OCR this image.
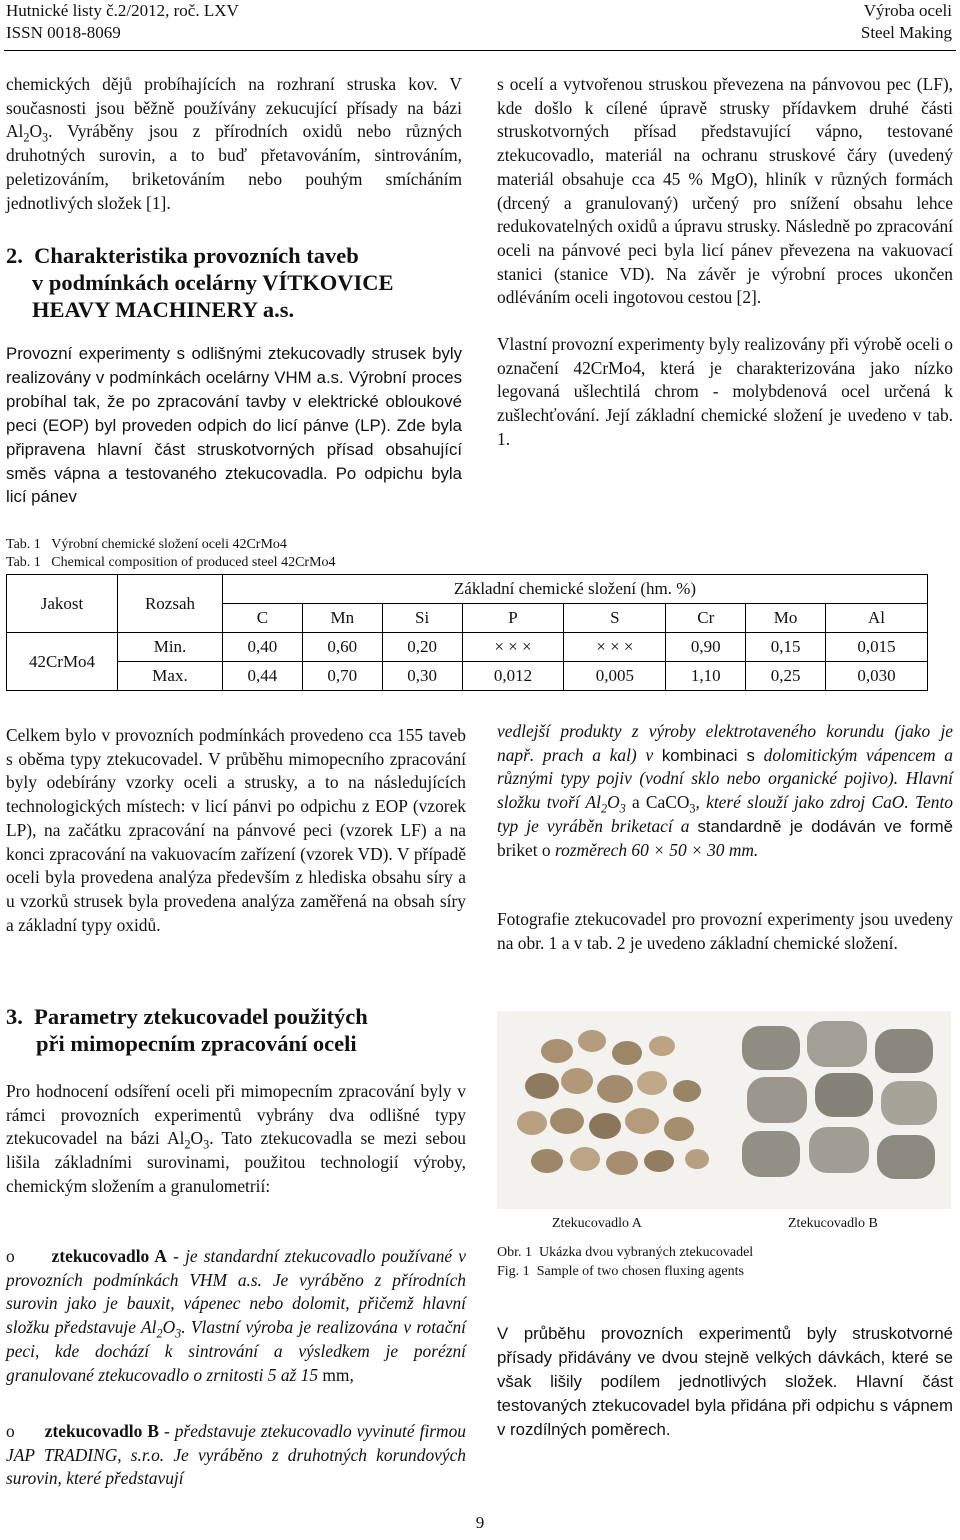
Hutnické listy č.2/2012, roč. LXV
ISSN 0018-8069
Výroba oceli
Steel Making

chemických dějů probíhajících na rozhraní struska kov. V současnosti jsou běžně používány zekucující přísady na bázi $Al_2O_3$. Vyráběny jsou z přírodních oxidů nebo různých druhotných surovin, a to buď přetavováním, sintrováním, peletizováním, briketováním nebo pouhým smícháním jednotlivých složek [1].

2. Charakteristika provozních taveb
v podmínkách ocelárny VÍTKOVICE
HEAVY MACHINERY a.s.

Provozní experimenty s odlišnými ztekucovadly strusek byly realizovány v podmínkách ocelárny VHM a.s. Výrobní proces probíhal tak, že po zpracování tavby v elektrické obloukové peci (EOP) byl proveden odpich do licí pánve (LP). Zde byla připravena hlavní část struskotvorných přísad obsahující směs vápna a testovaného ztekucovadla. Po odpichu byla licí pánev

s ocelí a vytvořenou struskou převezena na pánvovou pec (LF), kde došlo k cílené úpravě strusky přídavkem druhé části struskotvorných přísad představující vápno, testované ztekucovadlo, materiál na ochranu struskové čáry (uvedený materiál obsahuje cca 45 % MgO), hliník v různých formách (drcený a granulovaný) určený pro snížení obsahu lehce redukovatelných oxidů a úpravu strusky. Následně po zpracování oceli na pánvové peci byla licí pánev převezena na vakuovací stanici (stanice VD). Na závěr je výrobní proces ukončen odléváním oceli ingotovou cestou [2].

Vlastní provozní experimenty byly realizovány při výrobě oceli o označení 42CrMo4, která je charakterizována jako nízko legovaná ušlechtilá chrom - molybdenová ocel určená k zušlechťování. Její základní chemické složení je uvedeno v tab. 1.

Tab. 1 Výrobní chemické složení oceli 42CrMo4
Tab. 1 Chemical composition of produced steel 42CrMo4
Jakost	Rozsah	Základní chemické složení (hm. %)							
		C	Mn	Si	P	S	Cr	Mo	Al
42CrMo4	Min.	0,40	0,60	0,20	× × ×	× × ×	0,90	0,15	0,015
	Max.	0,44	0,70	0,30	0,012	0,005	1,10	0,25	0,030

Celkem bylo v provozních podmínkách provedeno cca 155 taveb s oběma typy ztekucovadel. V průběhu mimopecního zpracování byly odebírány vzorky oceli a strusky, a to na následujících technologických místech: v licí pánvi po odpichu z EOP (vzorek LP), na začátku zpracování na pánvové peci (vzorek LF) a na konci zpracování na vakuovacím zařízení (vzorek VD). V případě oceli byla provedena analýza především z hlediska obsahu síry a u vzorků strusek byla provedena analýza zaměřená na obsah síry a základní typy oxidů.

3. Parametry ztekucovadel použitých
při mimopecním zpracování oceli

Pro hodnocení odsíření oceli při mimopecním zpracování byly v rámci provozních experimentů vybrány dva odlišné typy ztekucovadel na bázi $Al_2O_3$. Tato ztekucovadla se mezi sebou lišila základními surovinami, použitou technologií výroby, chemickým složením a granulometrií:

o ztekucovadlo A - je standardní ztekucovadlo používané v provozních podmínkách VHM a.s. Je vyráběno z přírodních surovin jako je bauxit, vápenec nebo dolomit, přičemž hlavní složku představuje $Al_2O_3$. Vlastní výroba je realizována v rotační peci, kde dochází k sintrování a výsledkem je porézní granulované ztekucovadlo o zrnitosti 5 až 15 mm,

o ztekucovadlo B - představuje ztekucovadlo vyvinuté firmou JAP TRADING, s.r.o. Je vyráběno z druhotných korundových surovin, které představují

vedlejší produkty z výroby elektrotaveného korundu (jako je např. prach a kal) v kombinaci s dolomitickým vápencem a různými typy pojiv (vodní sklo nebo organické pojivo). Hlavní složku tvoří $Al_2O_3$ a CaCO$_3$, které slouží jako zdroj CaO. Tento typ je vyráběn briketací a standardně je dodáván ve formě briket o rozměrech 60 × 50 × 30 mm.

Fotografie ztekucovadel pro provozní experimenty jsou uvedeny na obr. 1 a v tab. 2 je uvedeno základní chemické složení.

Ztekucovadlo A	Ztekucovadlo B
Obr. 1 Ukázka dvou vybraných ztekucovadel
Fig. 1 Sample of two chosen fluxing agents

V průběhu provozních experimentů byly struskotvorné přísady přidávány ve dvou stejně velkých dávkách, které se však lišily podílem jednotlivých složek. Hlavní část testovaných ztekucovadel byla přidána při odpichu s vápnem v rozdílných poměrech.

9
